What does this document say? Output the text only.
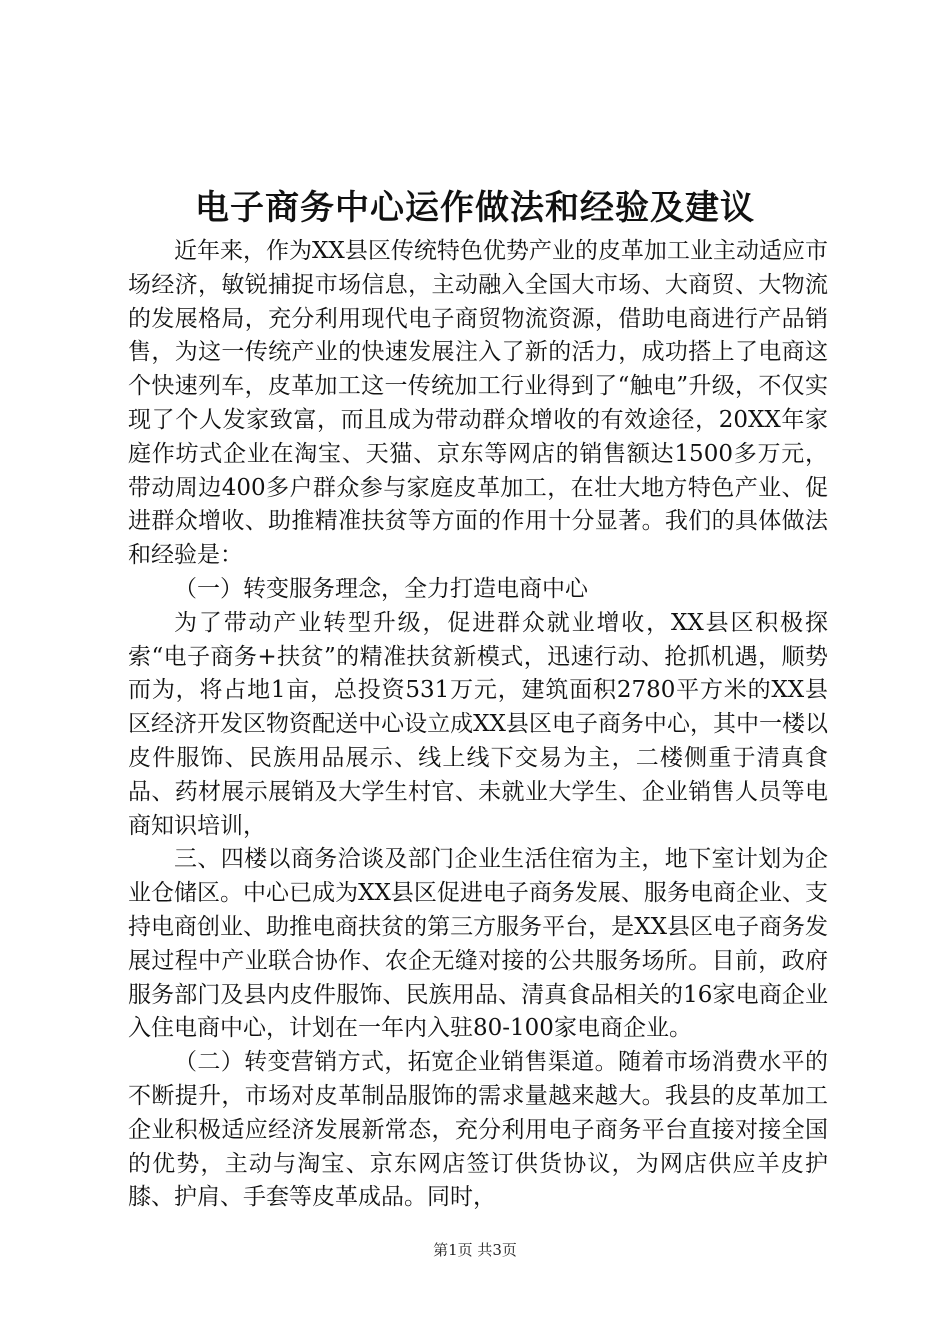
电子商务中心运作做法和经验及建议

近年来，作为XX县区传统特色优势产业的皮革加工业主动适应市场经济，敏锐捕捉市场信息，主动融入全国大市场、大商贸、大物流的发展格局，充分利用现代电子商贸物流资源，借助电商进行产品销售，为这一传统产业的快速发展注入了新的活力，成功搭上了电商这个快速列车，皮革加工这一传统加工行业得到了“触电”升级，不仅实现了个人发家致富，而且成为带动群众增收的有效途径，20XX年家庭作坊式企业在淘宝、天猫、京东等网店的销售额达1500多万元，带动周边400多户群众参与家庭皮革加工，在壮大地方特色产业、促进群众增收、助推精准扶贫等方面的作用十分显著。我们的具体做法和经验是：

（一）转变服务理念，全力打造电商中心

为了带动产业转型升级，促进群众就业增收，XX县区积极探索“电子商务+扶贫”的精准扶贫新模式，迅速行动、抢抓机遇，顺势而为，将占地1亩，总投资531万元，建筑面积2780平方米的XX县区经济开发区物资配送中心设立成XX县区电子商务中心，其中一楼以皮件服饰、民族用品展示、线上线下交易为主，二楼侧重于清真食品、药材展示展销及大学生村官、未就业大学生、企业销售人员等电商知识培训，

三、四楼以商务洽谈及部门企业生活住宿为主，地下室计划为企业仓储区。中心已成为XX县区促进电子商务发展、服务电商企业、支持电商创业、助推电商扶贫的第三方服务平台，是XX县区电子商务发展过程中产业联合协作、农企无缝对接的公共服务场所。目前，政府服务部门及县内皮件服饰、民族用品、清真食品相关的16家电商企业入住电商中心，计划在一年内入驻80-100家电商企业。

（二）转变营销方式，拓宽企业销售渠道。随着市场消费水平的不断提升，市场对皮革制品服饰的需求量越来越大。我县的皮革加工企业积极适应经济发展新常态，充分利用电子商务平台直接对接全国的优势，主动与淘宝、京东网店签订供货协议，为网店供应羊皮护膝、护肩、手套等皮革成品。同时，

第1页 共3页
